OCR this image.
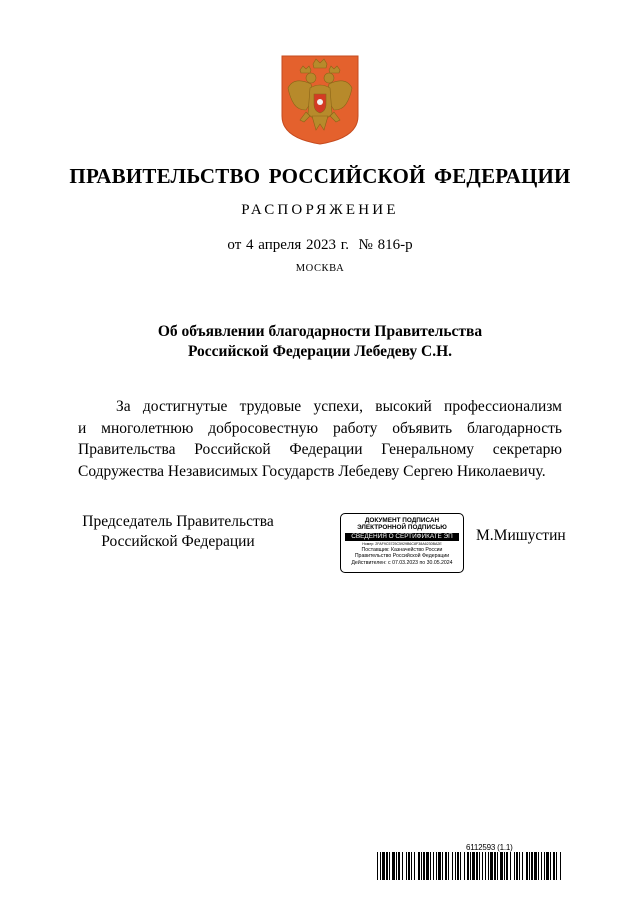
ПРАВИТЕЛЬСТВО РОССИЙСКОЙ ФЕДЕРАЦИИ
РАСПОРЯЖЕНИЕ
от 4 апреля 2023 г.  № 816-р
МОСКВА
Об объявлении благодарности Правительства
Российской Федерации Лебедеву С.Н.
За достигнутые трудовые успехи, высокий профессионализм
и многолетнюю добросовестную работу объявить благодарность
Правительства Российской Федерации Генеральному секретарю
Содружества Независимых Государств Лебедеву Сергею Николаевичу.
Председатель Правительства
Российской Федерации
ДОКУМЕНТ ПОДПИСАН
ЭЛЕКТРОННОЙ ПОДПИСЬЮ
СВЕДЕНИЯ О СЕРТИФИКАТЕ ЭП
Номер: 2FAF9C5725C5929B6C8F38A6230BA2E
Поставщик: Казначейство России
Правительство Российской Федерации
Действителен: с 07.03.2023 по 30.05.2024
М.Мишустин
6112593 (1.1)
